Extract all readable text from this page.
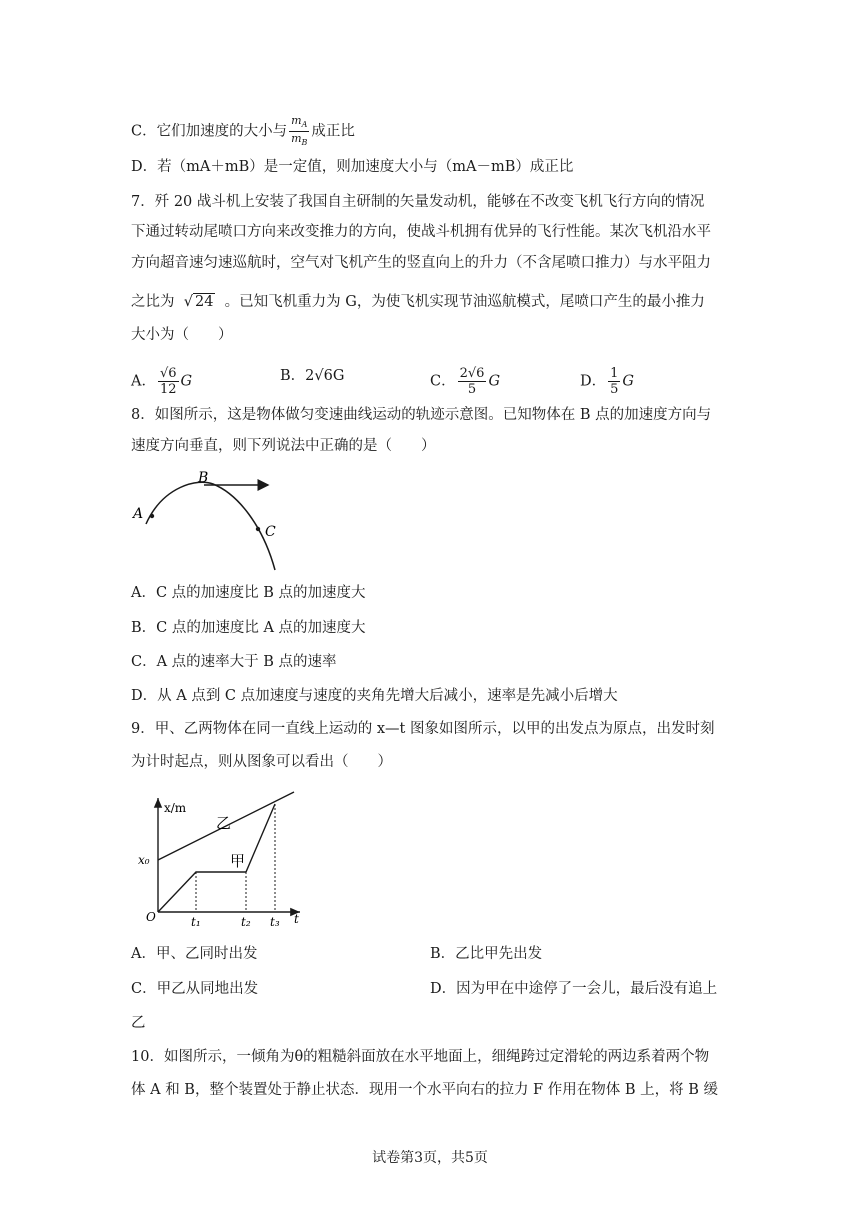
C．它们加速度的大小与 $\frac{m_A}{m_B}$ 成正比
D．若（mA＋mB）是一定值，则加速度大小与（mA－mB）成正比
7．歼 20 战斗机上安装了我国自主研制的矢量发动机，能够在不改变飞机飞行方向的情况
下通过转动尾喷口方向来改变推力的方向，使战斗机拥有优异的飞行性能。某次飞机沿水平
方向超音速匀速巡航时，空气对飞机产生的竖直向上的升力（不含尾喷口推力）与水平阻力
之比为  √ 24 。已知飞机重力为 G，为使飞机实现节油巡航模式，尾喷口产生的最小推力
大小为（　　）
A． $\frac{√6}{12}$ G	B．2√6G	C． $\frac{2√6}{5}$ G	D． $\frac{1}{5}$ G
8．如图所示，这是物体做匀变速曲线运动的轨迹示意图。已知物体在 B 点的加速度方向与
速度方向垂直，则下列说法中正确的是（　　）
A
B
C
A．C 点的加速度比 B 点的加速度大
B．C 点的加速度比 A 点的加速度大
C．A 点的速率大于 B 点的速率
D．从 A 点到 C 点加速度与速度的夹角先增大后减小，速率是先减小后增大
9．甲、乙两物体在同一直线上运动的 x—t 图象如图所示，以甲的出发点为原点，出发时刻
为计时起点，则从图象可以看出（　　）
x/m
t
O
x₀
t₁	t₂ t₃
乙
甲
A．甲、乙同时出发	B．乙比甲先出发
C．甲乙从同地出发	D．因为甲在中途停了一会儿，最后没有追上
乙
10．如图所示，一倾角为θ的粗糙斜面放在水平地面上，细绳跨过定滑轮的两边系着两个物
体 A 和 B，整个装置处于静止状态．现用一个水平向右的拉力 F 作用在物体 B 上，将 B 缓
试卷第3页，共5页
